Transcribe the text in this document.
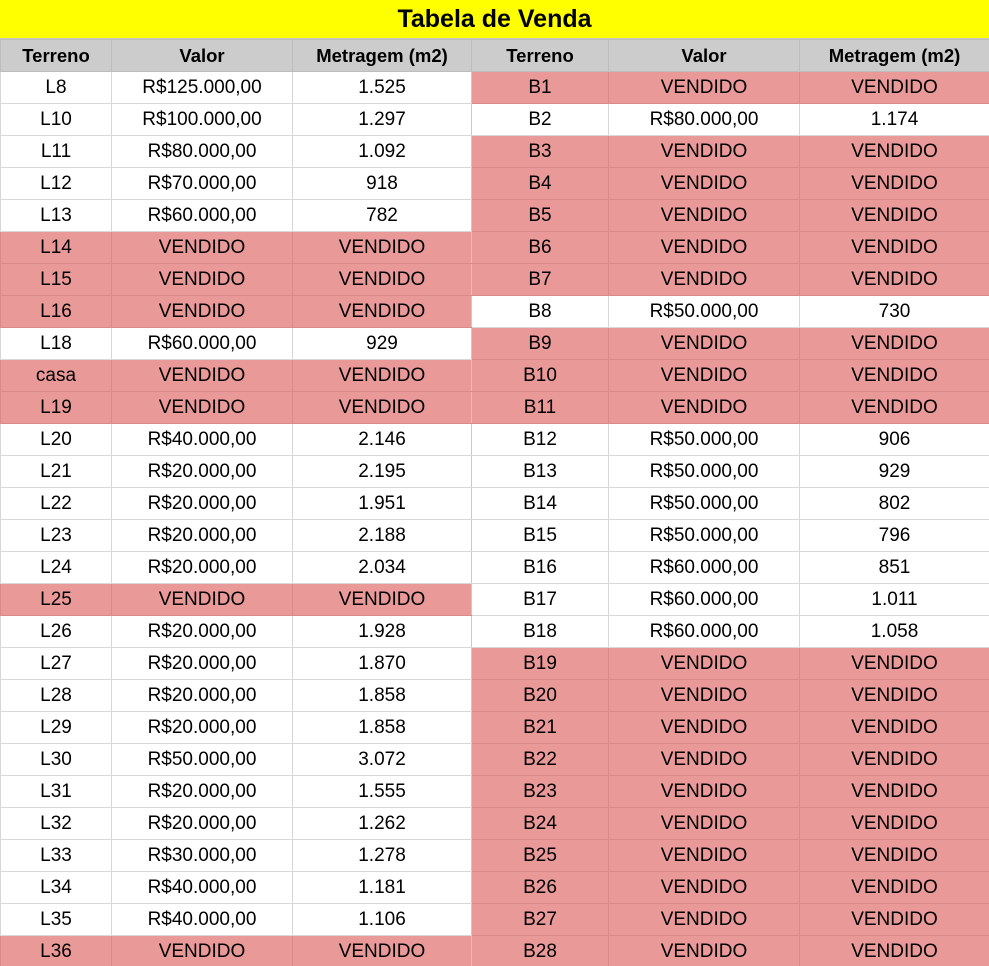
Tabela de Venda
Terreno	Valor	Metragem (m2)	Terreno	Valor	Metragem (m2)
L8	R$125.000,00	1.525	B1	VENDIDO	VENDIDO
L10	R$100.000,00	1.297	B2	R$80.000,00	1.174
L11	R$80.000,00	1.092	B3	VENDIDO	VENDIDO
L12	R$70.000,00	918	B4	VENDIDO	VENDIDO
L13	R$60.000,00	782	B5	VENDIDO	VENDIDO
L14	VENDIDO	VENDIDO	B6	VENDIDO	VENDIDO
L15	VENDIDO	VENDIDO	B7	VENDIDO	VENDIDO
L16	VENDIDO	VENDIDO	B8	R$50.000,00	730
L18	R$60.000,00	929	B9	VENDIDO	VENDIDO
casa	VENDIDO	VENDIDO	B10	VENDIDO	VENDIDO
L19	VENDIDO	VENDIDO	B11	VENDIDO	VENDIDO
L20	R$40.000,00	2.146	B12	R$50.000,00	906
L21	R$20.000,00	2.195	B13	R$50.000,00	929
L22	R$20.000,00	1.951	B14	R$50.000,00	802
L23	R$20.000,00	2.188	B15	R$50.000,00	796
L24	R$20.000,00	2.034	B16	R$60.000,00	851
L25	VENDIDO	VENDIDO	B17	R$60.000,00	1.011
L26	R$20.000,00	1.928	B18	R$60.000,00	1.058
L27	R$20.000,00	1.870	B19	VENDIDO	VENDIDO
L28	R$20.000,00	1.858	B20	VENDIDO	VENDIDO
L29	R$20.000,00	1.858	B21	VENDIDO	VENDIDO
L30	R$50.000,00	3.072	B22	VENDIDO	VENDIDO
L31	R$20.000,00	1.555	B23	VENDIDO	VENDIDO
L32	R$20.000,00	1.262	B24	VENDIDO	VENDIDO
L33	R$30.000,00	1.278	B25	VENDIDO	VENDIDO
L34	R$40.000,00	1.181	B26	VENDIDO	VENDIDO
L35	R$40.000,00	1.106	B27	VENDIDO	VENDIDO
L36	VENDIDO	VENDIDO	B28	VENDIDO	VENDIDO
